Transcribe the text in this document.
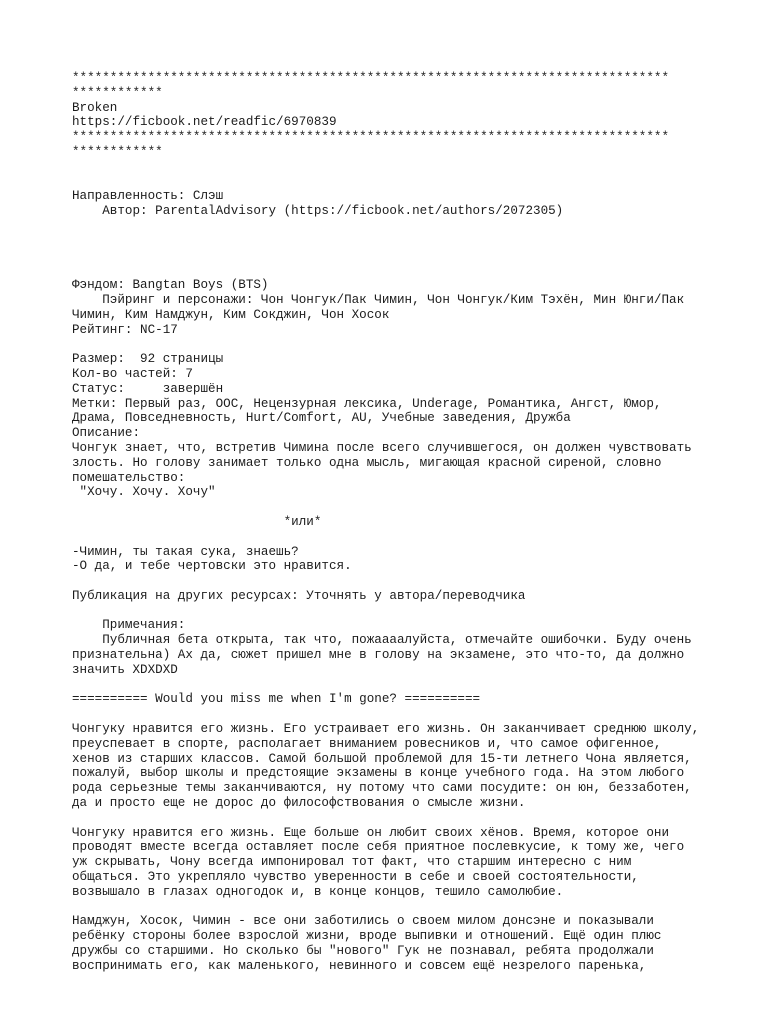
*******************************************************************************
************
Broken
https://ficbook.net/readfic/6970839
*******************************************************************************
************
Направленность: Слэш
Автор: ParentalAdvisory (https://ficbook.net/authors/2072305)
Фэндом: Bangtan Boys (BTS)
Пэйринг и персонажи: Чон Чонгук/Пак Чимин, Чон Чонгук/Ким Тэхён, Мин Юнги/Пак
Чимин, Ким Намджун, Ким Сокджин, Чон Хосок
Рейтинг: NC-17
Размер:  92 страницы
Кол-во частей: 7
Статус:     завершён
Метки: Первый раз, ООС, Нецензурная лексика, Underage, Романтика, Ангст, Юмор,
Драма, Повседневность, Hurt/Comfort, AU, Учебные заведения, Дружба
Описание:
Чонгук знает, что, встретив Чимина после всего случившегося, он должен чувствовать
злость. Но голову занимает только одна мысль, мигающая красной сиреной, словно
помешательство:
"Хочу. Хочу. Хочу"
*или*
-Чимин, ты такая сука, знаешь?
-О да, и тебе чертовски это нравится.
Публикация на других ресурсах: Уточнять у автора/переводчика
Примечания:
Публичная бета открыта, так что, пожаааалуйста, отмечайте ошибочки. Буду очень
признательна) Ах да, сюжет пришел мне в голову на экзамене, это что-то, да должно
значить XDXDXD
========== Would you miss me when I'm gone? ==========
Чонгуку нравится его жизнь. Его устраивает его жизнь. Он заканчивает среднюю школу,
преуспевает в спорте, располагает вниманием ровесников и, что самое офигенное,
хенов из старших классов. Самой большой проблемой для 15-ти летнего Чона является,
пожалуй, выбор школы и предстоящие экзамены в конце учебного года. На этом любого
рода серьезные темы заканчиваются, ну потому что сами посудите: он юн, беззаботен,
да и просто еще не дорос до философствования о смысле жизни.
Чонгуку нравится его жизнь. Еще больше он любит своих хёнов. Время, которое они
проводят вместе всегда оставляет после себя приятное послевкусие, к тому же, чего
уж скрывать, Чону всегда импонировал тот факт, что старшим интересно с ним
общаться. Это укрепляло чувство уверенности в себе и своей состоятельности,
возвышало в глазах одногодок и, в конце концов, тешило самолюбие.
Намджун, Хосок, Чимин - все они заботились о своем милом донсэне и показывали
ребёнку стороны более взрослой жизни, вроде выпивки и отношений. Ещё один плюс
дружбы со старшими. Но сколько бы "нового" Гук не познавал, ребята продолжали
воспринимать его, как маленького, невинного и совсем ещё незрелого паренька,
